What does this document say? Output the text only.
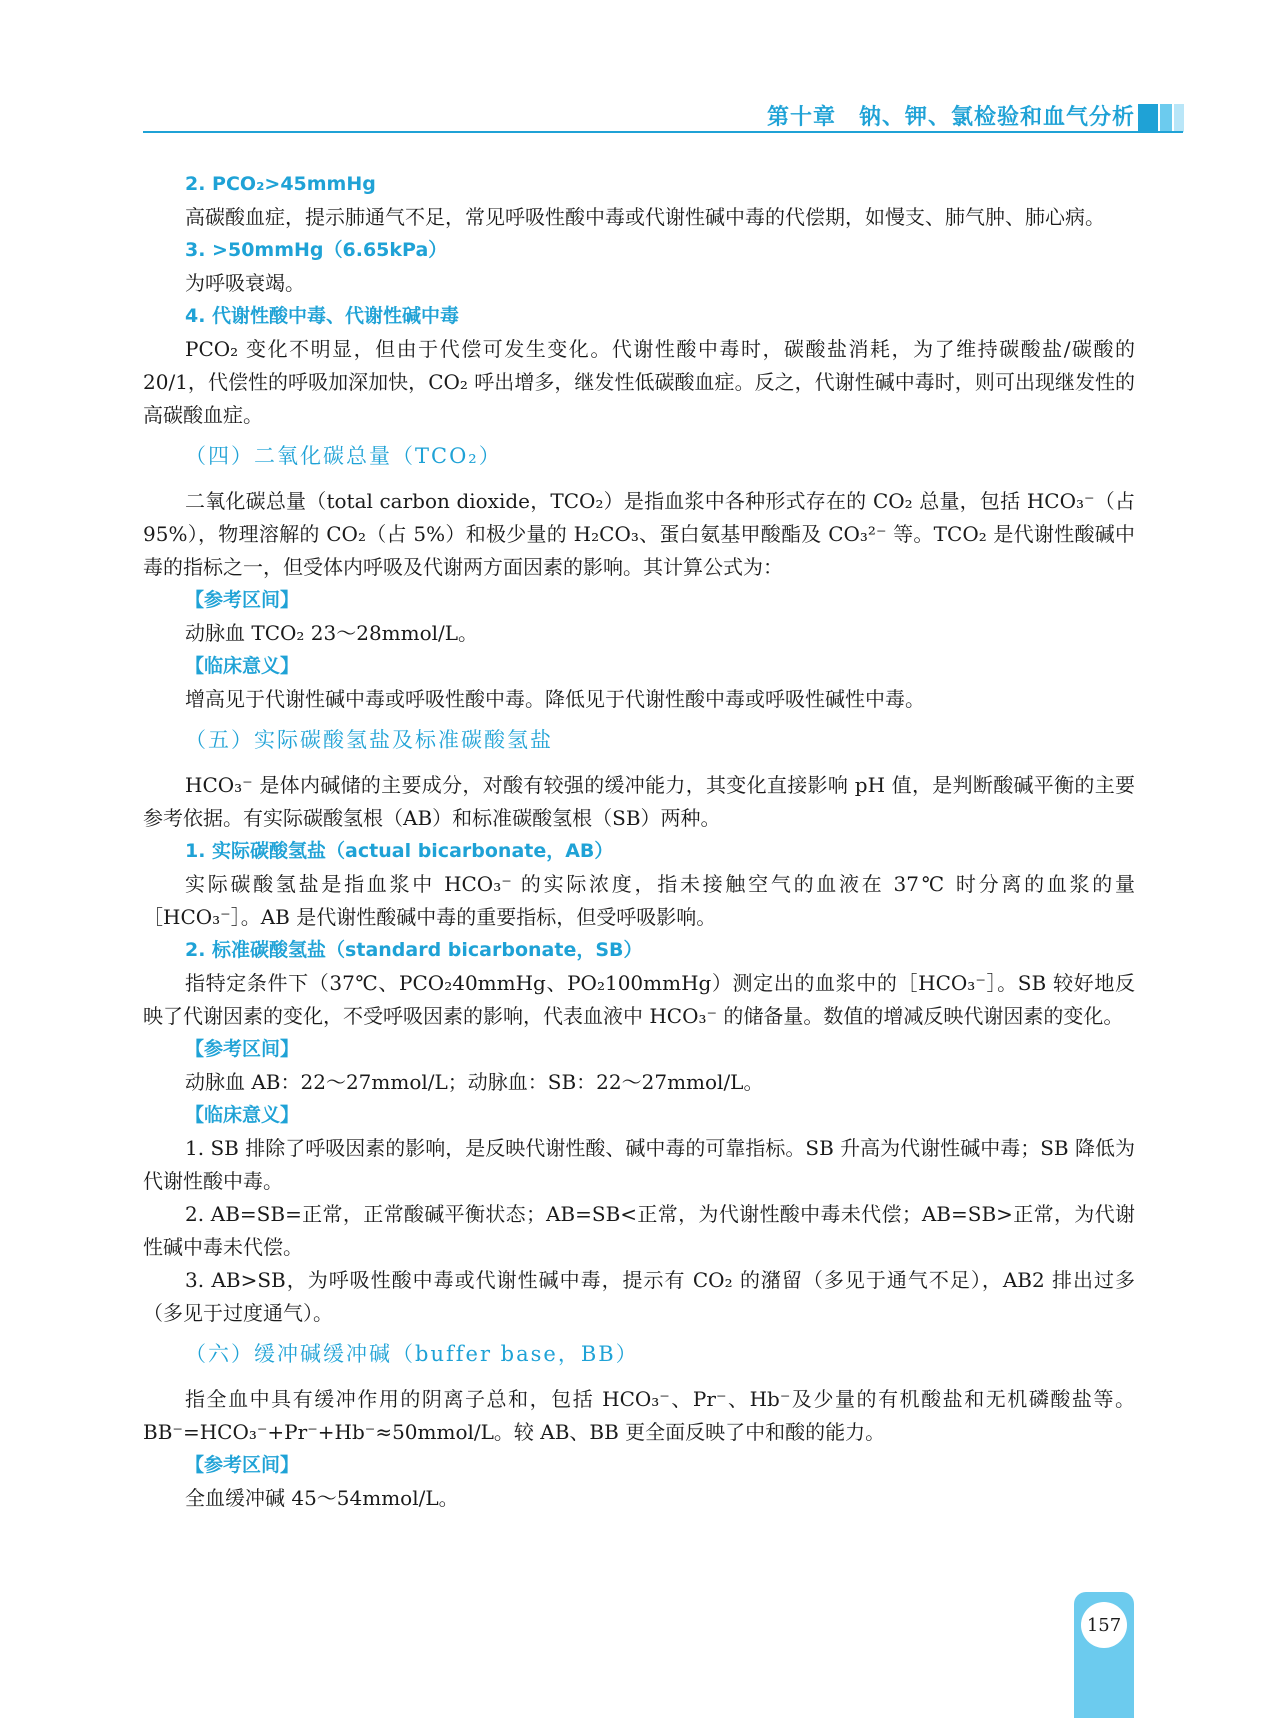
第十章　钠、钾、氯检验和血气分析
2. PCO₂>45mmHg
高碳酸血症，提示肺通气不足，常见呼吸性酸中毒或代谢性碱中毒的代偿期，如慢支、肺气肿、肺心病。
3. >50mmHg（6.65kPa）
为呼吸衰竭。
4. 代谢性酸中毒、代谢性碱中毒
PCO₂ 变化不明显，但由于代偿可发生变化。代谢性酸中毒时，碳酸盐消耗，为了维持碳酸盐/碳酸的 20/1，代偿性的呼吸加深加快，CO₂ 呼出增多，继发性低碳酸血症。反之，代谢性碱中毒时，则可出现继发性的高碳酸血症。
（四）二氧化碳总量（TCO₂）
二氧化碳总量（total carbon dioxide，TCO₂）是指血浆中各种形式存在的 CO₂ 总量，包括 HCO₃⁻（占 95%），物理溶解的 CO₂（占 5%）和极少量的 H₂CO₃、蛋白氨基甲酸酯及 CO₃²⁻ 等。TCO₂ 是代谢性酸碱中毒的指标之一，但受体内呼吸及代谢两方面因素的影响。其计算公式为：
【参考区间】
动脉血 TCO₂ 23～28mmol/L。
【临床意义】
增高见于代谢性碱中毒或呼吸性酸中毒。降低见于代谢性酸中毒或呼吸性碱性中毒。
（五）实际碳酸氢盐及标准碳酸氢盐
HCO₃⁻ 是体内碱储的主要成分，对酸有较强的缓冲能力，其变化直接影响 pH 值，是判断酸碱平衡的主要参考依据。有实际碳酸氢根（AB）和标准碳酸氢根（SB）两种。
1. 实际碳酸氢盐（actual bicarbonate，AB）
实际碳酸氢盐是指血浆中 HCO₃⁻ 的实际浓度，指未接触空气的血液在 37℃ 时分离的血浆的量［HCO₃⁻］。AB 是代谢性酸碱中毒的重要指标，但受呼吸影响。
2. 标准碳酸氢盐（standard bicarbonate，SB）
指特定条件下（37℃、PCO₂40mmHg、PO₂100mmHg）测定出的血浆中的［HCO₃⁻］。SB 较好地反映了代谢因素的变化，不受呼吸因素的影响，代表血液中 HCO₃⁻ 的储备量。数值的增减反映代谢因素的变化。
【参考区间】
动脉血 AB：22～27mmol/L；动脉血：SB：22～27mmol/L。
【临床意义】
1. SB 排除了呼吸因素的影响，是反映代谢性酸、碱中毒的可靠指标。SB 升高为代谢性碱中毒；SB 降低为代谢性酸中毒。
2. AB=SB=正常，正常酸碱平衡状态；AB=SB<正常，为代谢性酸中毒未代偿；AB=SB>正常，为代谢性碱中毒未代偿。
3. AB>SB，为呼吸性酸中毒或代谢性碱中毒，提示有 CO₂ 的潴留（多见于通气不足），AB2 排出过多（多见于过度通气）。
（六）缓冲碱缓冲碱（buffer base，BB）
指全血中具有缓冲作用的阴离子总和，包括 HCO₃⁻、Pr⁻、Hb⁻及少量的有机酸盐和无机磷酸盐等。BB⁻=HCO₃⁻+Pr⁻+Hb⁻≈50mmol/L。较 AB、BB 更全面反映了中和酸的能力。
【参考区间】
全血缓冲碱 45～54mmol/L。
157
